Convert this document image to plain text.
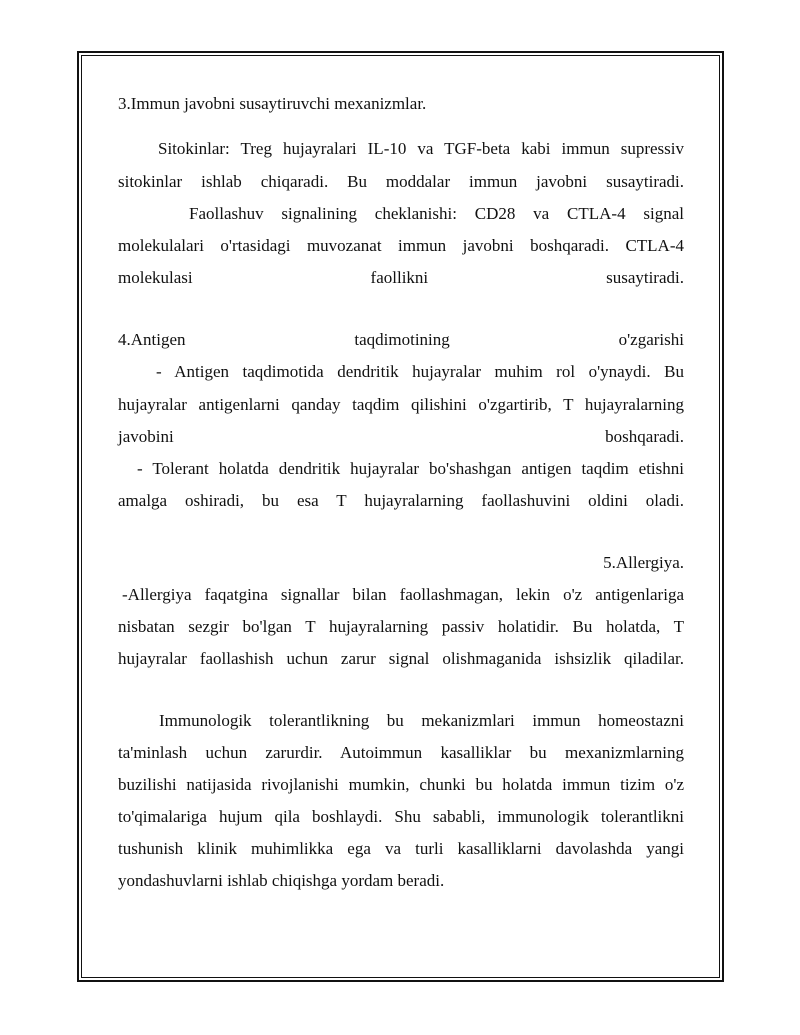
3.Immun javobni susaytiruvchi mexanizmlar.

Sitokinlar: Treg hujayralari IL-10 va TGF-beta kabi immun supressiv

sitokinlar ishlab chiqaradi. Bu moddalar immun javobni susaytiradi.

Faollashuv signalining cheklanishi: CD28 va CTLA-4 signal

molekulalari o'rtasidagi muvozanat immun javobni boshqaradi. CTLA-4

molekulasi faollikni susaytiradi.

4.Antigen taqdimotining o'zgarishi

- Antigen taqdimotida dendritik hujayralar muhim rol o'ynaydi. Bu

hujayralar antigenlarni qanday taqdim qilishini o'zgartirib, T hujayralarning

javobini boshqaradi.

- Tolerant holatda dendritik hujayralar bo'shashgan antigen taqdim etishni

amalga oshiradi, bu esa T hujayralarning faollashuvini oldini oladi.

5.Allergiya.

-Allergiya faqatgina signallar bilan faollashmagan, lekin o'z antigenlariga

nisbatan sezgir bo'lgan T hujayralarning passiv holatidir. Bu holatda, T

hujayralar faollashish uchun zarur signal olishmaganida ishsizlik qiladilar.

Immunologik tolerantlikning bu mekanizmlari immun homeostazni

ta'minlash uchun zarurdir. Autoimmun kasalliklar bu mexanizmlarning

buzilishi natijasida rivojlanishi mumkin, chunki bu holatda immun tizim o'z

to'qimalariga hujum qila boshlaydi. Shu sababli, immunologik tolerantlikni

tushunish klinik muhimlikka ega va turli kasalliklarni davolashda yangi

yondashuvlarni ishlab chiqishga yordam beradi.
